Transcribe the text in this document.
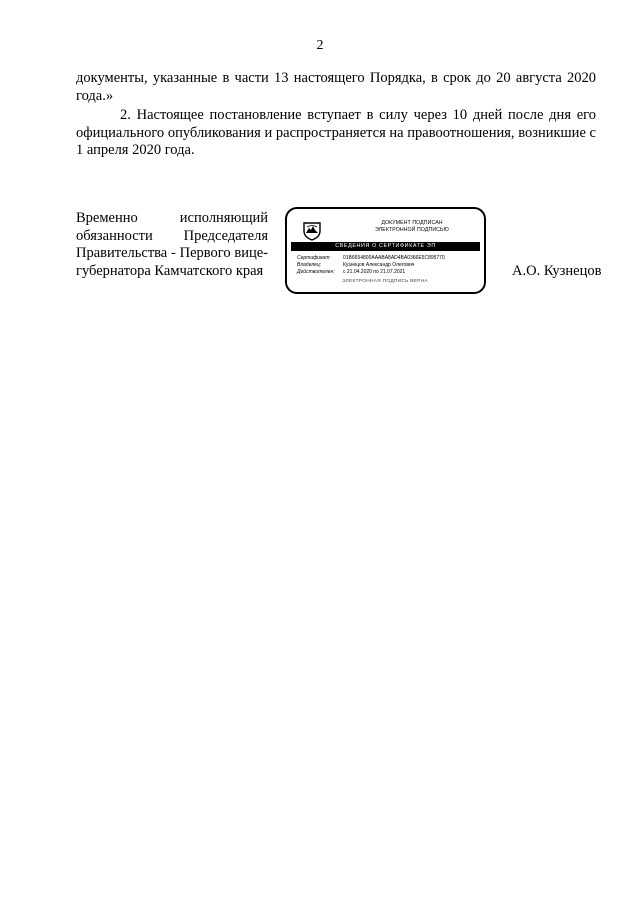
2
документы, указанные в части 13 настоящего Порядка, в срок до 20 августа 2020 года.»
2. Настоящее постановление вступает в силу через 10 дней после дня его официального опубликования и распространяется на правоотношения, возникшие с 1 апреля 2020 года.
Временно исполняющий обязанности Председателя Правительства - Первого вице-
губернатора Камчатского края
ДОКУМЕНТ ПОДПИСАН
ЭЛЕКТРОННОЙ ПОДПИСЬЮ
СВЕДЕНИЯ О СЕРТИФИКАТЕ ЭП
Сертификат: 01B6654800AAABA8AD4BA0366E5C895770
Владелец:	Кузнецов Александр Олегович
Действителен: с 21.04.2020 по 21.07.2021
ЭЛЕКТРОННАЯ ПОДПИСЬ ВЕРНА
А.О. Кузнецов
